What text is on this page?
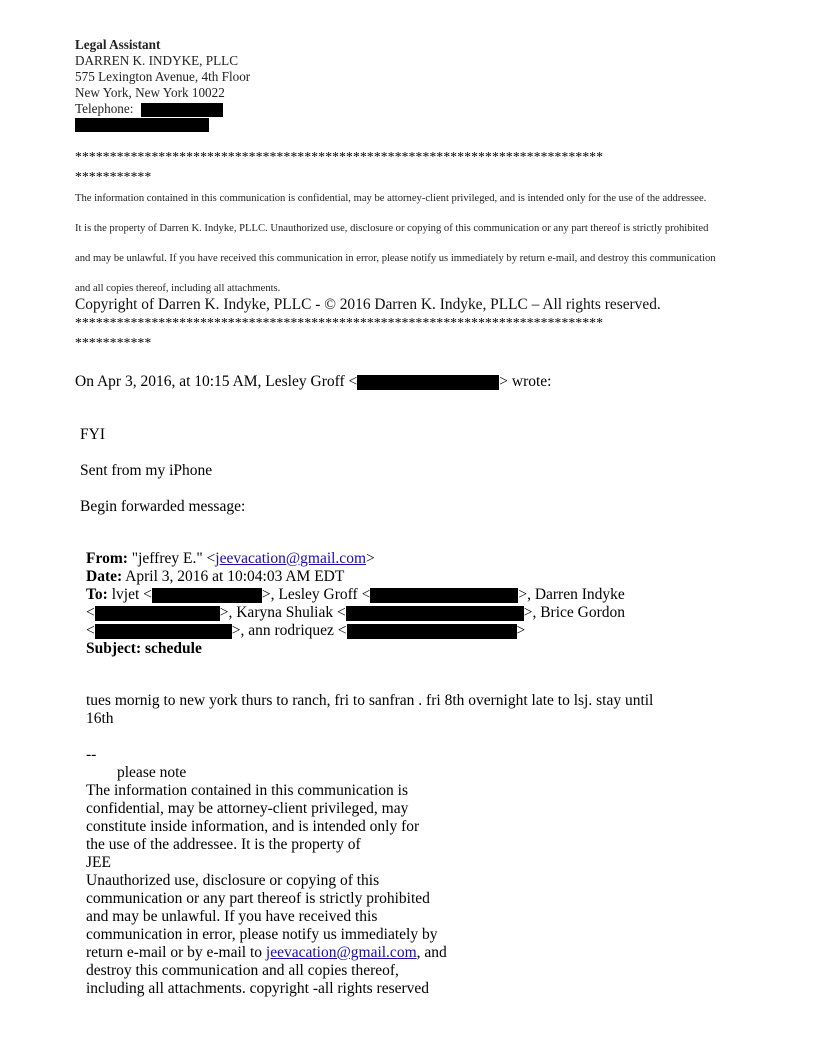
Legal Assistant
DARREN K. INDYKE, PLLC
575 Lexington Avenue, 4th Floor
New York, New York 10022
Telephone:
****************************************************************************
***********
The information contained in this communication is confidential, may be attorney-client privileged, and is intended only for the use of the addressee.
It is the property of Darren K. Indyke, PLLC. Unauthorized use, disclosure or copying of this communication or any part thereof is strictly prohibited
and may be unlawful. If you have received this communication in error, please notify us immediately by return e-mail, and destroy this communication
and all copies thereof, including all attachments.
Copyright of Darren K. Indyke, PLLC - © 2016 Darren K. Indyke, PLLC – All rights reserved.
****************************************************************************
***********
On Apr 3, 2016, at 10:15 AM, Lesley Groff <	> wrote:
FYI
Sent from my iPhone
Begin forwarded message:
From: "jeffrey E." <jeevacation@gmail.com>
Date: April 3, 2016 at 10:04:03 AM EDT
To: lvjet <	>, Lesley Groff <	>, Darren Indyke
<	>, Karyna Shuliak <	>, Brice Gordon
<	>, ann rodriquez <	>
Subject: schedule
tues mornig to new york thurs to ranch, fri to sanfran . fri 8th overnight late to lsj. stay until
16th
--
please note
The information contained in this communication is
confidential, may be attorney-client privileged, may
constitute inside information, and is intended only for
the use of the addressee. It is the property of
JEE
Unauthorized use, disclosure or copying of this
communication or any part thereof is strictly prohibited
and may be unlawful. If you have received this
communication in error, please notify us immediately by
return e-mail or by e-mail to jeevacation@gmail.com, and
destroy this communication and all copies thereof,
including all attachments. copyright -all rights reserved
